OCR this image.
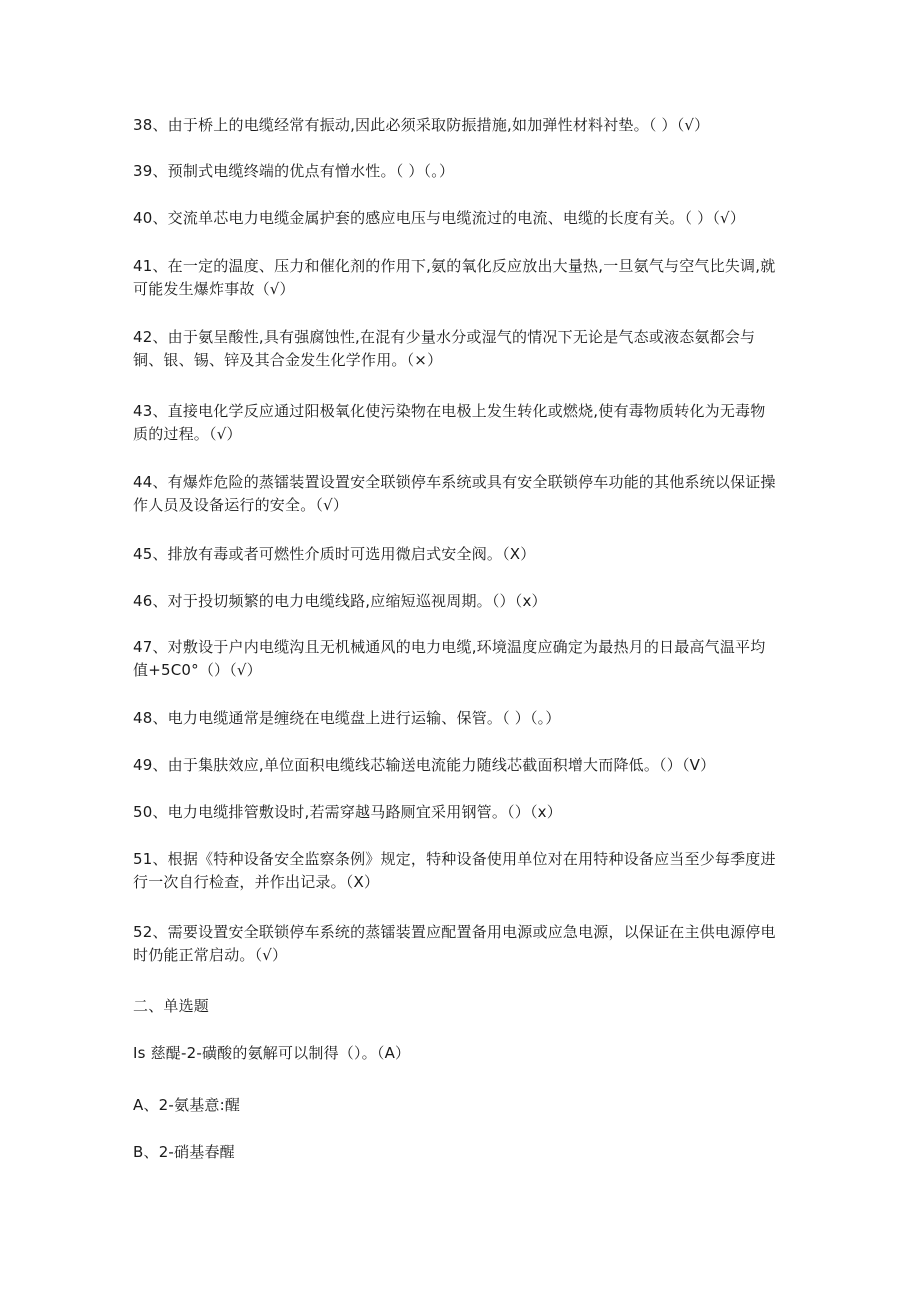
38、由于桥上的电缆经常有振动,因此必须采取防振措施,如加弹性材料衬垫。（ ）（√）
39、预制式电缆终端的优点有憎水性。（ ）（。）
40、交流单芯电力电缆金属护套的感应电压与电缆流过的电流、电缆的长度有关。（ ）（√）
41、在一定的温度、压力和催化剂的作用下,氨的氧化反应放出大量热,一旦氨气与空气比失调,就
可能发生爆炸事故（√）
42、由于氨呈酸性,具有强腐蚀性,在混有少量水分或湿气的情况下无论是气态或液态氨都会与
铜、银、锡、锌及其合金发生化学作用。（×）
43、直接电化学反应通过阳极氧化使污染物在电极上发生转化或燃烧,使有毒物质转化为无毒物
质的过程。（√）
44、有爆炸危险的蒸镭装置设置安全联锁停车系统或具有安全联锁停车功能的其他系统以保证操
作人员及设备运行的安全。（√）
45、排放有毒或者可燃性介质时可选用微启式安全阀。（X）
46、对于投切频繁的电力电缆线路,应缩短巡视周期。（）（x）
47、对敷设于户内电缆沟且无机械通风的电力电缆,环境温度应确定为最热月的日最高气温平均
值+5C0°（）（√）
48、电力电缆通常是缠绕在电缆盘上进行运输、保管。（ ）（。）
49、由于集肤效应,单位面积电缆线芯输送电流能力随线芯截面积增大而降低。（）（V）
50、电力电缆排管敷设时,若需穿越马路厕宜采用钢管。（）（x）
51、根据《特种设备安全监察条例》规定，特种设备使用单位对在用特种设备应当至少每季度进
行一次自行检查，并作出记录。（X）
52、需要设置安全联锁停车系统的蒸镭装置应配置备用电源或应急电源，以保证在主供电源停电
时仍能正常启动。（√）
二、单选题
Is 慈醍-2-磺酸的氨解可以制得（）。（A）
A、2-氨基意:醒
B、2-硝基春醒
